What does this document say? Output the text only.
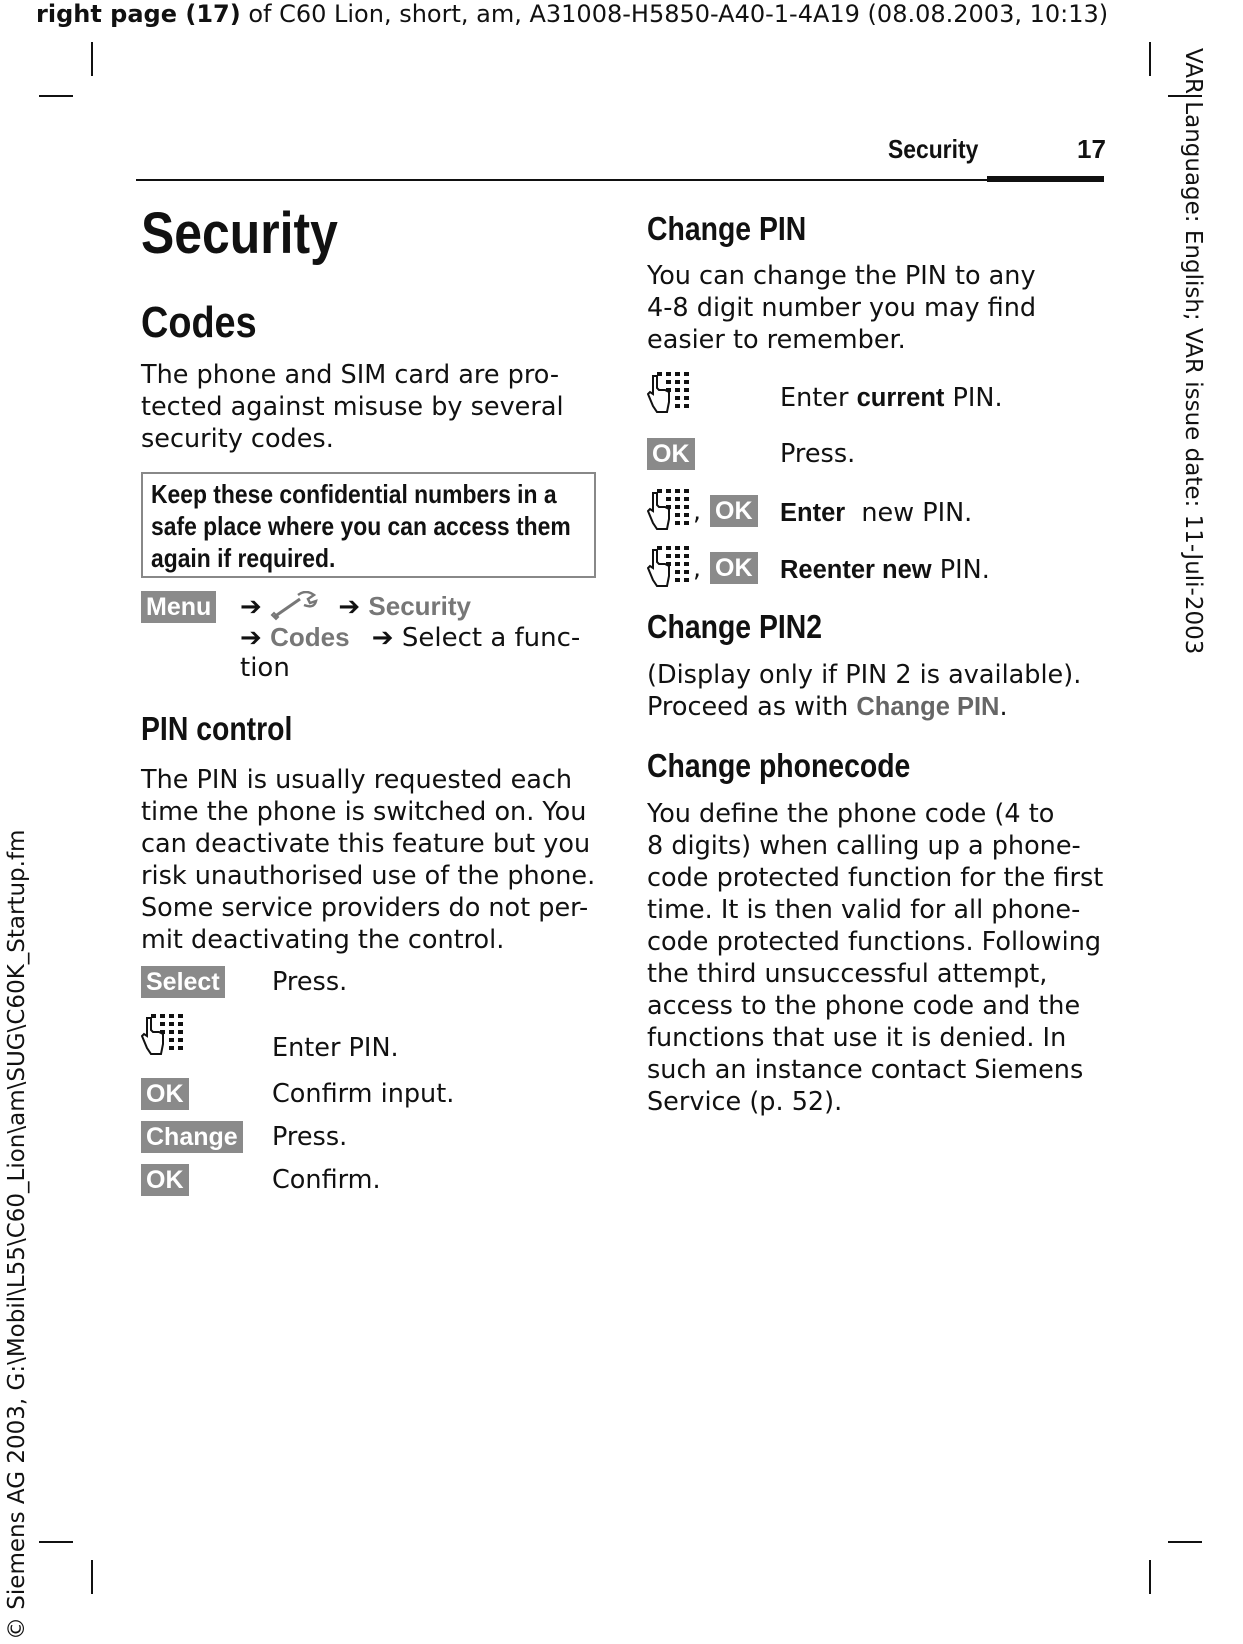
right page (17) of C60 Lion, short, am, A31008-H5850-A40-1-4A19 (08.08.2003, 10:13)
VAR Language: English; VAR issue date: 11-Juli-2003
© Siemens AG 2003, G:\Mobil\L55\C60_Lion\am\SUG\C60K_Startup.fm
Security	17
Security
Codes
The phone and SIM card are pro-
tected against misuse by several
security codes.
Keep these confidential numbers in a
safe place where you can access them
again if required.
Menu ➔	➔ Security
➔ Codes ➔ Select a func-
tion
PIN control
The PIN is usually requested each
time the phone is switched on. You
can deactivate this feature but you
risk unauthorised use of the phone.
Some service providers do not per-
mit deactivating the control.
Select Press.
Enter PIN.
OK	Confirm input.
Change Press.
OK	Confirm.
Change PIN
You can change the PIN to any
4-8 digit number you may find
easier to remember.
Enter current PIN.
OK	Press.
, OK Enter  new PIN.
, OK Reenter new PIN.
Change PIN2
(Display only if PIN 2 is available).
Proceed as with Change PIN.
Change phonecode
You define the phone code (4 to
8 digits) when calling up a phone-
code protected function for the first
time. It is then valid for all phone-
code protected functions. Following
the third unsuccessful attempt,
access to the phone code and the
functions that use it is denied. In
such an instance contact Siemens
Service (p. 52).
